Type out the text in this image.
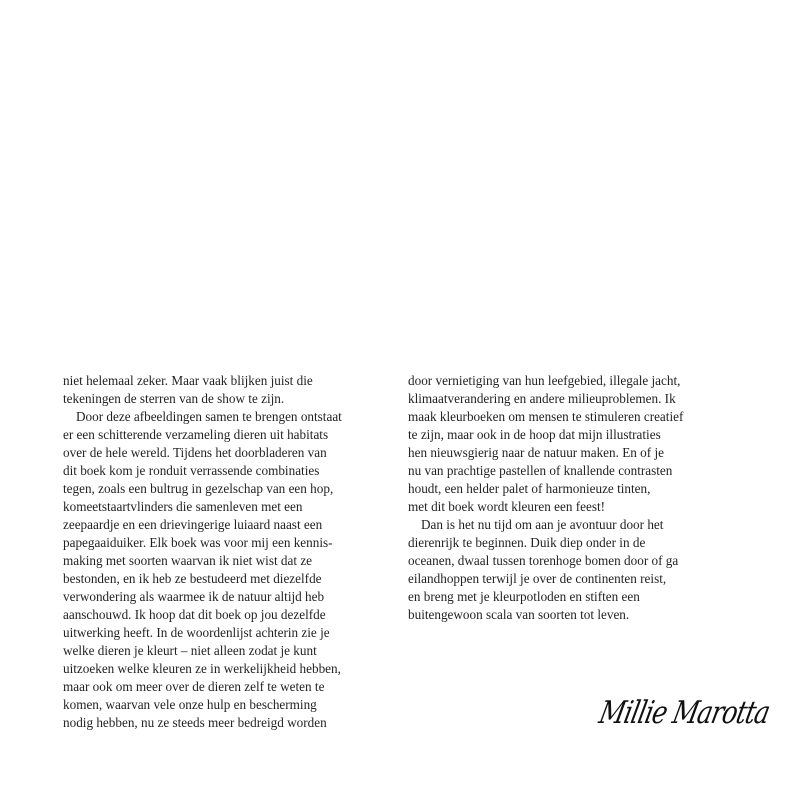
niet helemaal zeker. Maar vaak blijken juist die
tekeningen de sterren van de show te zijn.
Door deze afbeeldingen samen te brengen ontstaat
er een schitterende verzameling dieren uit habitats
over de hele wereld. Tijdens het doorbladeren van
dit boek kom je ronduit verrassende combinaties
tegen, zoals een bultrug in gezelschap van een hop,
komeetstaartvlinders die samenleven met een
zeepaardje en een drievingerige luiaard naast een
papegaaiduiker. Elk boek was voor mij een kennis-
making met soorten waarvan ik niet wist dat ze
bestonden, en ik heb ze bestudeerd met diezelfde
verwondering als waarmee ik de natuur altijd heb
aanschouwd. Ik hoop dat dit boek op jou dezelfde
uitwerking heeft. In de woordenlijst achterin zie je
welke dieren je kleurt – niet alleen zodat je kunt
uitzoeken welke kleuren ze in werkelijkheid hebben,
maar ook om meer over de dieren zelf te weten te
komen, waarvan vele onze hulp en bescherming
nodig hebben, nu ze steeds meer bedreigd worden
door vernietiging van hun leefgebied, illegale jacht,
klimaatverandering en andere milieuproblemen. Ik
maak kleurboeken om mensen te stimuleren creatief
te zijn, maar ook in de hoop dat mijn illustraties
hen nieuwsgierig naar de natuur maken. En of je
nu van prachtige pastellen of knallende contrasten
houdt, een helder palet of harmonieuze tinten,
met dit boek wordt kleuren een feest!
Dan is het nu tijd om aan je avontuur door het
dierenrijk te beginnen. Duik diep onder in de
oceanen, dwaal tussen torenhoge bomen door of ga
eilandhoppen terwijl je over de continenten reist,
en breng met je kleurpotloden en stiften een
buitengewoon scala van soorten tot leven.
Millie Marotta
